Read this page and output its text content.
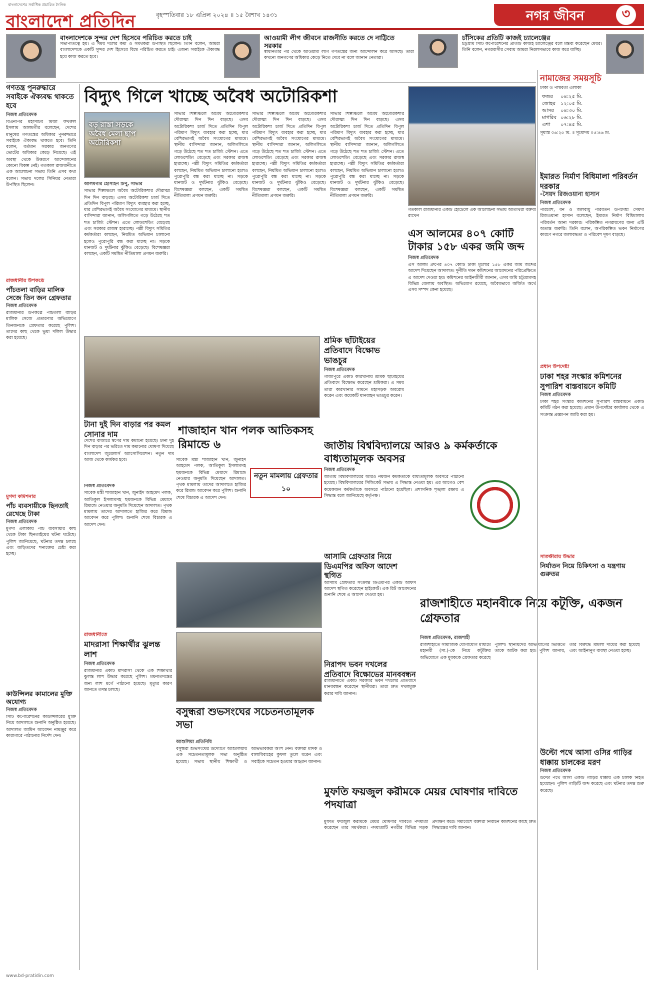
বাংলাদেশের সর্বাধিক প্রচারিত দৈনিক
বাংলাদেশ প্রতিদিন	বৃহস্পতিবার ১৮ এপ্রিল ২০২৪ ॥ ১৫ বৈশাখ ১৪৩১	নগর জীবন	৩
বাংলাদেশকে সুন্দর দেশ হিসেবে পরিচিত করতে চাই
সভাপতিত্বে হয়। এ সময় দলের কর্মী ও সমর্থকরা উপস্থিত ছিলেন। তিনি বলেন, আমরা বাংলাদেশকে একটি সুন্দর দেশ হিসেবে বিশ্বে পরিচিত করতে চাই। এজন্য সবাইকে ঐক্যবদ্ধ হয়ে কাজ করতে হবে।
আওয়ামী লীগ জীবনে রাজনীতি করতে দে নাট্টিতে সরকার
স্বাধীনতার পর থেকে আওয়ামী লীগ গণতন্ত্রের জন্য আন্দোলন করে আসছে। তারা কখনো জনগণের অধিকার কেড়ে নিতে দেবে না বলে জানান নেতারা।
চাঁসিকের প্রতিটি কাজই চ্যালেঞ্জের
চট্টগ্রাম সিটি কর্পোরেশনের প্রতিটি কাজই চ্যালেঞ্জের বলে মন্তব্য করেছেন মেয়র। তিনি বলেন, নগরবাসীর সেবায় আমরা নিরলসভাবে কাজ করে যাচ্ছি।
গণতন্ত্র পুনরুদ্ধারে সবাইকে ঐক্যবদ্ধ থাকতে হবে
নিজস্ব প্রতিবেদক
বিএনপির মহাসচিব মির্জা ফখরুল ইসলাম আলমগীর বলেছেন, দেশের মানুষের গণতন্ত্রের অধিকার পুনরুদ্ধারে সবাইকে ঐক্যবদ্ধ থাকতে হবে। তিনি বলেন, বর্তমান সরকার জনগণের ভোটের অধিকার কেড়ে নিয়েছে। এই অবস্থা থেকে উত্তরণে আন্দোলনের কোনো বিকল্প নেই। গতকাল রাজধানীতে এক আলোচনা সভায় তিনি এসব কথা বলেন। সভায় দলের সিনিয়র নেতারা উপস্থিত ছিলেন।
রাজধানীর উপকণ্ঠে
পাঁচতলা বাড়ির মালিক সেজে তিন জন গ্রেফতার
নিজস্ব প্রতিবেদক
রাজধানীর উপকণ্ঠে পাঁচতলা বাড়ির মালিক সেজে প্রতারণার অভিযোগে তিনজনকে গ্রেফতার করেছে পুলিশ। তাদের কাছ থেকে ভুয়া দলিল উদ্ধার করা হয়েছে।
মুগদা কমিশনার
পাঁচ ব্যবসায়ীকে ছিনতাই রেখেছে টাকা
নিজস্ব প্রতিবেদক
মুগদা এলাকায় পাঁচ ব্যবসায়ীর কাছ থেকে টাকা ছিনতাইয়ের ঘটনা ঘটেছে। পুলিশ জানিয়েছে, ঘটনার তদন্ত চলছে এবং জড়িতদের শনাক্তের চেষ্টা করা হচ্ছে।
কাউন্সিলর কামালের মুক্তি অযোগ্য
নিজস্ব প্রতিবেদক
সিটি কর্পোরেশনের কাউন্সিলরের মুক্তি নিয়ে আদালতে শুনানি অনুষ্ঠিত হয়েছে। আদালত জামিন আবেদন নামঞ্জুর করে কারাগারে পাঠানোর নির্দেশ দেন।
বিদ্যুৎ গিলে খাচ্ছে অবৈধ অটোরিকশা
বড় রাস্তা সড়কে অবৈধ মেলা ছাপ অটোরিকশা
আলমগীর হোসাইন টিপু, সাভার
সাভার শিল্পাঞ্চলে অবৈধ অটোরিকশার দৌরাত্ম্য দিন দিন বাড়ছে। এসব অটোরিকশা চার্জ দিতে প্রতিদিন বিপুল পরিমাণ বিদ্যুৎ ব্যবহার করা হচ্ছে, যার বেশিরভাগই অবৈধ সংযোগের মাধ্যমে। স্থানীয় বাসিন্দারা জানান, অলিগলিতে গড়ে উঠেছে শত শত চার্জিং স্টেশন। এতে লোডশেডিং বেড়েছে এবং সরকার রাজস্ব হারাচ্ছে। পল্লী বিদ্যুৎ সমিতির কর্মকর্তারা বলছেন, নিয়মিত অভিযান চালানো হলেও পুরোপুরি বন্ধ করা যাচ্ছে না। সড়কে যানজট ও দুর্ঘটনার ঝুঁকিও বেড়েছে। বিশেষজ্ঞরা বলছেন, একটি সমন্বিত নীতিমালা প্রণয়ন জরুরি।
সাভার শিল্পাঞ্চলে অবৈধ অটোরিকশার দৌরাত্ম্য দিন দিন বাড়ছে। এসব অটোরিকশা চার্জ দিতে প্রতিদিন বিপুল পরিমাণ বিদ্যুৎ ব্যবহার করা হচ্ছে, যার বেশিরভাগই অবৈধ সংযোগের মাধ্যমে। স্থানীয় বাসিন্দারা জানান, অলিগলিতে গড়ে উঠেছে শত শত চার্জিং স্টেশন। এতে লোডশেডিং বেড়েছে এবং সরকার রাজস্ব হারাচ্ছে। পল্লী বিদ্যুৎ সমিতির কর্মকর্তারা বলছেন, নিয়মিত অভিযান চালানো হলেও পুরোপুরি বন্ধ করা যাচ্ছে না। সড়কে যানজট ও দুর্ঘটনার ঝুঁকিও বেড়েছে। বিশেষজ্ঞরা বলছেন, একটি সমন্বিত নীতিমালা প্রণয়ন জরুরি।
সাভার শিল্পাঞ্চলে অবৈধ অটোরিকশার দৌরাত্ম্য দিন দিন বাড়ছে। এসব অটোরিকশা চার্জ দিতে প্রতিদিন বিপুল পরিমাণ বিদ্যুৎ ব্যবহার করা হচ্ছে, যার বেশিরভাগই অবৈধ সংযোগের মাধ্যমে। স্থানীয় বাসিন্দারা জানান, অলিগলিতে গড়ে উঠেছে শত শত চার্জিং স্টেশন। এতে লোডশেডিং বেড়েছে এবং সরকার রাজস্ব হারাচ্ছে। পল্লী বিদ্যুৎ সমিতির কর্মকর্তারা বলছেন, নিয়মিত অভিযান চালানো হলেও পুরোপুরি বন্ধ করা যাচ্ছে না। সড়কে যানজট ও দুর্ঘটনার ঝুঁকিও বেড়েছে। বিশেষজ্ঞরা বলছেন, একটি সমন্বিত নীতিমালা প্রণয়ন জরুরি।
সাভার শিল্পাঞ্চলে অবৈধ অটোরিকশার দৌরাত্ম্য দিন দিন বাড়ছে। এসব অটোরিকশা চার্জ দিতে প্রতিদিন বিপুল পরিমাণ বিদ্যুৎ ব্যবহার করা হচ্ছে, যার বেশিরভাগই অবৈধ সংযোগের মাধ্যমে। স্থানীয় বাসিন্দারা জানান, অলিগলিতে গড়ে উঠেছে শত শত চার্জিং স্টেশন। এতে লোডশেডিং বেড়েছে এবং সরকার রাজস্ব হারাচ্ছে। পল্লী বিদ্যুৎ সমিতির কর্মকর্তারা বলছেন, নিয়মিত অভিযান চালানো হলেও পুরোপুরি বন্ধ করা যাচ্ছে না। সড়কে যানজট ও দুর্ঘটনার ঝুঁকিও বেড়েছে। বিশেষজ্ঞরা বলছেন, একটি সমন্বিত নীতিমালা প্রণয়ন জরুরি।
গতকাল রাজধানীর একটি হোটেলে এক আলোচনা সভায় অতিথিরা বক্তব্য রাখেন
এস আলমের ৪০৭ কোটি টাকার ১৫৮ একর জমি জব্দ
নিজস্ব প্রতিবেদক
এস আলম গ্রুপের ৪০৭ কোটি টাকা মূল্যের ১৫৮ একর জমি জব্দের আদেশ দিয়েছেন আদালত। দুর্নীতি দমন কমিশনের আবেদনের পরিপ্রেক্ষিতে এ আদেশ দেওয়া হয়। কমিশনের আইনজীবী জানান, এসব জমি চট্টগ্রামসহ বিভিন্ন জেলায় অবস্থিত। অভিযোগ রয়েছে, অবৈধভাবে অর্জিত অর্থে এসব সম্পদ কেনা হয়েছে।
শ্রমিক ছাঁটাইয়ের প্রতিবাদে বিক্ষোভ ভাঙচুর
নিজস্ব প্রতিবেদক
গাজীপুরে একটি কারখানায় শ্রমিক ছাঁটাইয়ের প্রতিবাদে বিক্ষোভ করেছেন শ্রমিকরা। এ সময় তারা কারখানার সামনে মহাসড়ক অবরোধ করেন এবং কয়েকটি যানবাহন ভাঙচুর করেন।
জাতীয় বিশ্ববিদ্যালয়ে আরও ৯ কর্মকর্তাকে বাধ্যতামূলক অবসর
নিজস্ব প্রতিবেদক
জাতীয় বিশ্ববিদ্যালয়ের আরও নয়জন কর্মকর্তাকে বাধ্যতামূলক অবসরে পাঠানো হয়েছে। বিশ্ববিদ্যালয়ের সিন্ডিকেট সভায় এ সিদ্ধান্ত নেওয়া হয়। এর আগেও বেশ কয়েকজন কর্মকর্তাকে অবসরে পাঠানো হয়েছিল। প্রশাসনিক শৃঙ্খলা রক্ষায় এ সিদ্ধান্ত বলে জানিয়েছে কর্তৃপক্ষ।
টানা দুই দিন বাড়ার পর কমল সোনার দাম
দেশের বাজারে স্বর্ণের দাম কমানো হয়েছে। টানা দুই দিন বাড়ার পর ভরিতে দাম কমানোর ঘোষণা দিয়েছে বাংলাদেশ জুয়েলার্স অ্যাসোসিয়েশন। নতুন দাম আজ থেকে কার্যকর হবে।
শাজাহান খান পলক আতিকসহ রিমান্ডে ৬
নিজস্ব প্রতিবেদক
সাবেক মন্ত্রী শাজাহান খান, জুনাইদ আহমেদ পলক, আতিকুল ইসলামসহ ছয়জনকে বিভিন্ন মেয়াদে রিমান্ডে নেওয়ার অনুমতি দিয়েছেন আদালত। পৃথক মামলায় তাদের আদালতে হাজির করে রিমান্ড আবেদন করে পুলিশ। শুনানি শেষে বিচারক এ আদেশ দেন।
সাবেক মন্ত্রী শাজাহান খান, জুনাইদ আহমেদ পলক, আতিকুল ইসলামসহ ছয়জনকে বিভিন্ন মেয়াদে রিমান্ডে নেওয়ার অনুমতি দিয়েছেন আদালত। পৃথক মামলায় তাদের আদালতে হাজির করে রিমান্ড আবেদন করে পুলিশ। শুনানি শেষে বিচারক এ আদেশ দেন।
নতুন মামলায় গ্রেফতার ১০
আসামি গ্রেফতার নিয়ে ডিএমপির অফিস আদেশ স্থগিত
আসামি গ্রেফতার সংক্রান্ত ডিএমপির একটি অফিস আদেশ স্থগিত করেছেন হাইকোর্ট। এক রিট আবেদনের শুনানি শেষে এ আদেশ দেওয়া হয়।
রাজশাহীতে মহানবীকে নিয়ে কটূক্তি, একজন গ্রেফতার
নিজস্ব প্রতিবেদক, রাজশাহী
রাজশাহীতে সামাজিক যোগাযোগ মাধ্যমে মহানবী (সা.)-কে নিয়ে কটূক্তির অভিযোগে এক যুবককে গ্রেফতার করেছে পুলিশ। স্থানীয়দের অভিযোগের ভিত্তিতে তাকে আটক করা হয়। পুলিশ জানায়, তার বিরুদ্ধে মামলা দায়ের করা হয়েছে এবং আইনানুগ ব্যবস্থা নেওয়া হচ্ছে।
নিরাপদ ভবন দখলের প্রতিবাদে বিক্ষোভের মানববন্ধন
রাজধানীতে একটি সরকারি ভবন দখলের প্রতিবাদে মানববন্ধন করেছেন স্থানীয়রা। তারা দ্রুত দখলমুক্ত করার দাবি জানান।
রাজধানীতে
মাদরাসা শিক্ষার্থীর ঝুলন্ত লাশ
নিজস্ব প্রতিবেদক
রাজধানীর একটি মাদরাসা থেকে এক শিক্ষার্থীর ঝুলন্ত লাশ উদ্ধার করেছে পুলিশ। ময়নাতদন্তের জন্য লাশ মর্গে পাঠানো হয়েছে। মৃত্যুর কারণ জানতে তদন্ত চলছে।
বসুন্ধরা শুভসংঘের সচেতনতামূলক সভা
আশুলিয়া প্রতিনিধি
বসুন্ধরা শুভসংঘের উদ্যোগে আশুলিয়ায় এক সচেতনতামূলক সভা অনুষ্ঠিত হয়েছে। সভায় স্থানীয় শিক্ষার্থী ও অভিভাবকরা অংশ নেন। বক্তারা মাদক ও বাল্যবিবাহের কুফল তুলে ধরেন এবং সবাইকে সচেতন হওয়ার আহ্বান জানান।
মুফতি ফয়জুল করীমকে মেয়র ঘোষণার দাবিতে পদযাত্রা
মুফতি ফয়জুল করীমকে মেয়র ঘোষণার দাবিতে পদযাত্রা করেছেন তার সমর্থকরা। পদযাত্রাটি নগরীর বিভিন্ন সড়ক প্রদক্ষিণ করে। সমাবেশে বক্তারা নির্বাচন কমিশনের কাছে দ্রুত সিদ্ধান্তের দাবি জানান।
নামাজের সময়সূচি
ঢাকা ও পার্শ্ববর্তী এলাকা
ফজর	০৪:২৫ মি.
জোহর	১২:০৫ মি.
আসর	০৪:৩০ মি.
মাগরিব	০৬:২৮ মি.
এশা	০৭:৪৫ মি.
সূর্যাস্ত ০৬:২৫ মি. ॥ সূর্যোদয় ০৫:৪৬ মি.
ইমারত নির্মাণ বিধিমালা পরিবর্তন দরকার
-সৈয়দ রিজওয়ানা হাসান
নিজস্ব প্রতিবেদক
পরিবেশ, বন ও জলবায়ু পরিবর্তন উপদেষ্টা সৈয়দা রিজওয়ানা হাসান বলেছেন, ইমারত নির্মাণ বিধিমালায় পরিবর্তন আনা দরকার। পরিকল্পিত নগরায়ণের জন্য এটি অত্যন্ত জরুরি। তিনি বলেন, অপরিকল্পিত ভবন নির্মাণের কারণে নগরে জলাবদ্ধতা ও পরিবেশ দূষণ বাড়ছে।
প্রধান উপদেষ্টা
ঢাকা শহর সংস্কার কমিশনের সুপারিশ বাস্তবায়নে কমিটি
নিজস্ব প্রতিবেদক
ঢাকা শহর সংস্কার কমিশনের সুপারিশ বাস্তবায়নে একটি কমিটি গঠন করা হয়েছে। প্রধান উপদেষ্টার কার্যালয় থেকে এ সংক্রান্ত প্রজ্ঞাপন জারি করা হয়।
সাতক্ষীরায় উদ্ধার
নির্যাতন নিয়ে চিকিৎসা ও যন্ত্রণায় গুরুতর
উল্টো পথে আসা ওসির গাড়ির ধাক্কায় চালকের মরণ
নিজস্ব প্রতিবেদক
উল্টো পথে আসা একটি গাড়ির ধাক্কায় এক চালক নিহত হয়েছেন। পুলিশ গাড়িটি জব্দ করেছে এবং ঘটনার তদন্ত শুরু করেছে।
www.bd-pratidin.com
